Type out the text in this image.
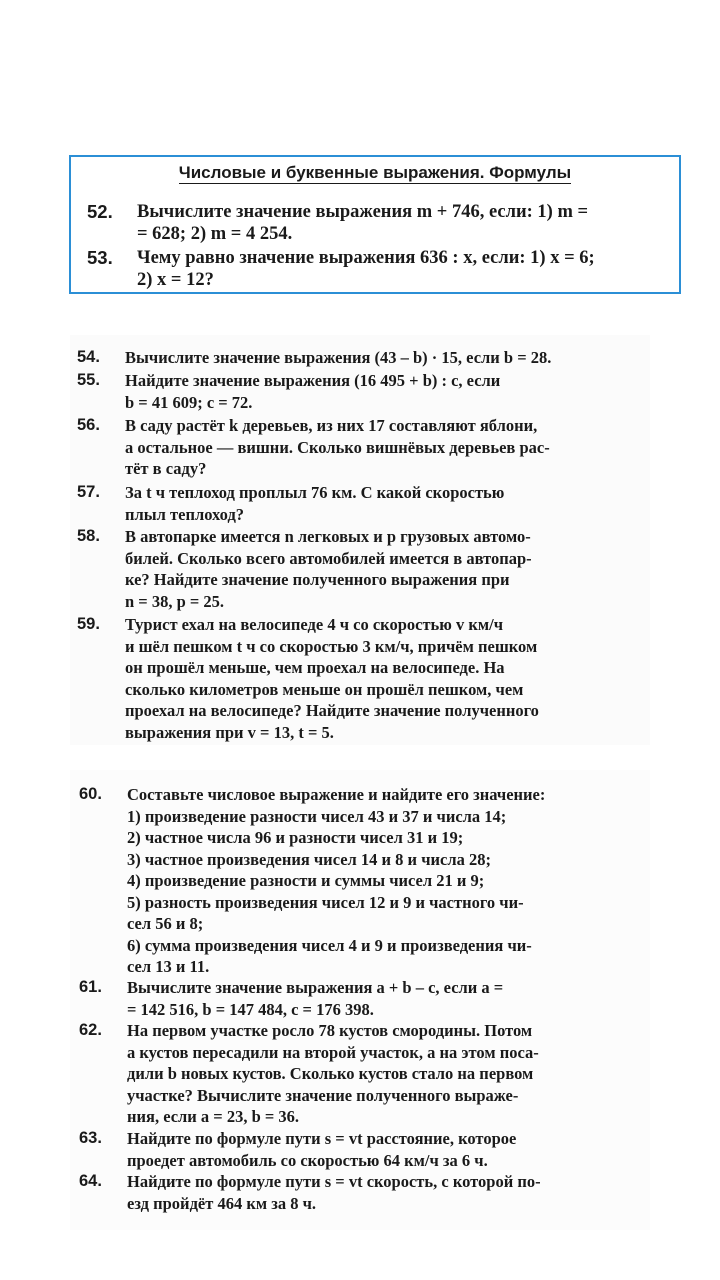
Числовые и буквенные выражения. Формулы
52.	Вычислите значение выражения m + 746, если: 1) m =
= 628; 2) m = 4 254.
53.	Чему равно значение выражения 636 : x, если: 1) x = 6;
2) x = 12?
54.	Вычислите значение выражения (43 – b) · 15, если b = 28.
55.	Найдите значение выражения (16 495 + b) : c, если
b = 41 609; c = 72.
56.	В саду растёт k деревьев, из них 17 составляют яблони,
а остальное — вишни. Сколько вишнёвых деревьев рас-
тёт в саду?
57.	За t ч теплоход проплыл 76 км. С какой скоростью
плыл теплоход?
58.	В автопарке имеется n легковых и p грузовых автомо-
билей. Сколько всего автомобилей имеется в автопар-
ке? Найдите значение полученного выражения при
n = 38, p = 25.
59.	Турист ехал на велосипеде 4 ч со скоростью v км/ч
и шёл пешком t ч со скоростью 3 км/ч, причём пешком
он прошёл меньше, чем проехал на велосипеде. На
сколько километров меньше он прошёл пешком, чем
проехал на велосипеде? Найдите значение полученного
выражения при v = 13, t = 5.
60.	Составьте числовое выражение и найдите его значение:
1) произведение разности чисел 43 и 37 и числа 14;
2) частное числа 96 и разности чисел 31 и 19;
3) частное произведения чисел 14 и 8 и числа 28;
4) произведение разности и суммы чисел 21 и 9;
5) разность произведения чисел 12 и 9 и частного чи-
сел 56 и 8;
6) сумма произведения чисел 4 и 9 и произведения чи-
сел 13 и 11.
61.	Вычислите значение выражения a + b – c, если a =
= 142 516, b = 147 484, c = 176 398.
62.	На первом участке росло 78 кустов смородины. Потом
a кустов пересадили на второй участок, а на этом поса-
дили b новых кустов. Сколько кустов стало на первом
участке? Вычислите значение полученного выраже-
ния, если a = 23, b = 36.
63.	Найдите по формуле пути s = vt расстояние, которое
проедет автомобиль со скоростью 64 км/ч за 6 ч.
64.	Найдите по формуле пути s = vt скорость, с которой по-
езд пройдёт 464 км за 8 ч.
